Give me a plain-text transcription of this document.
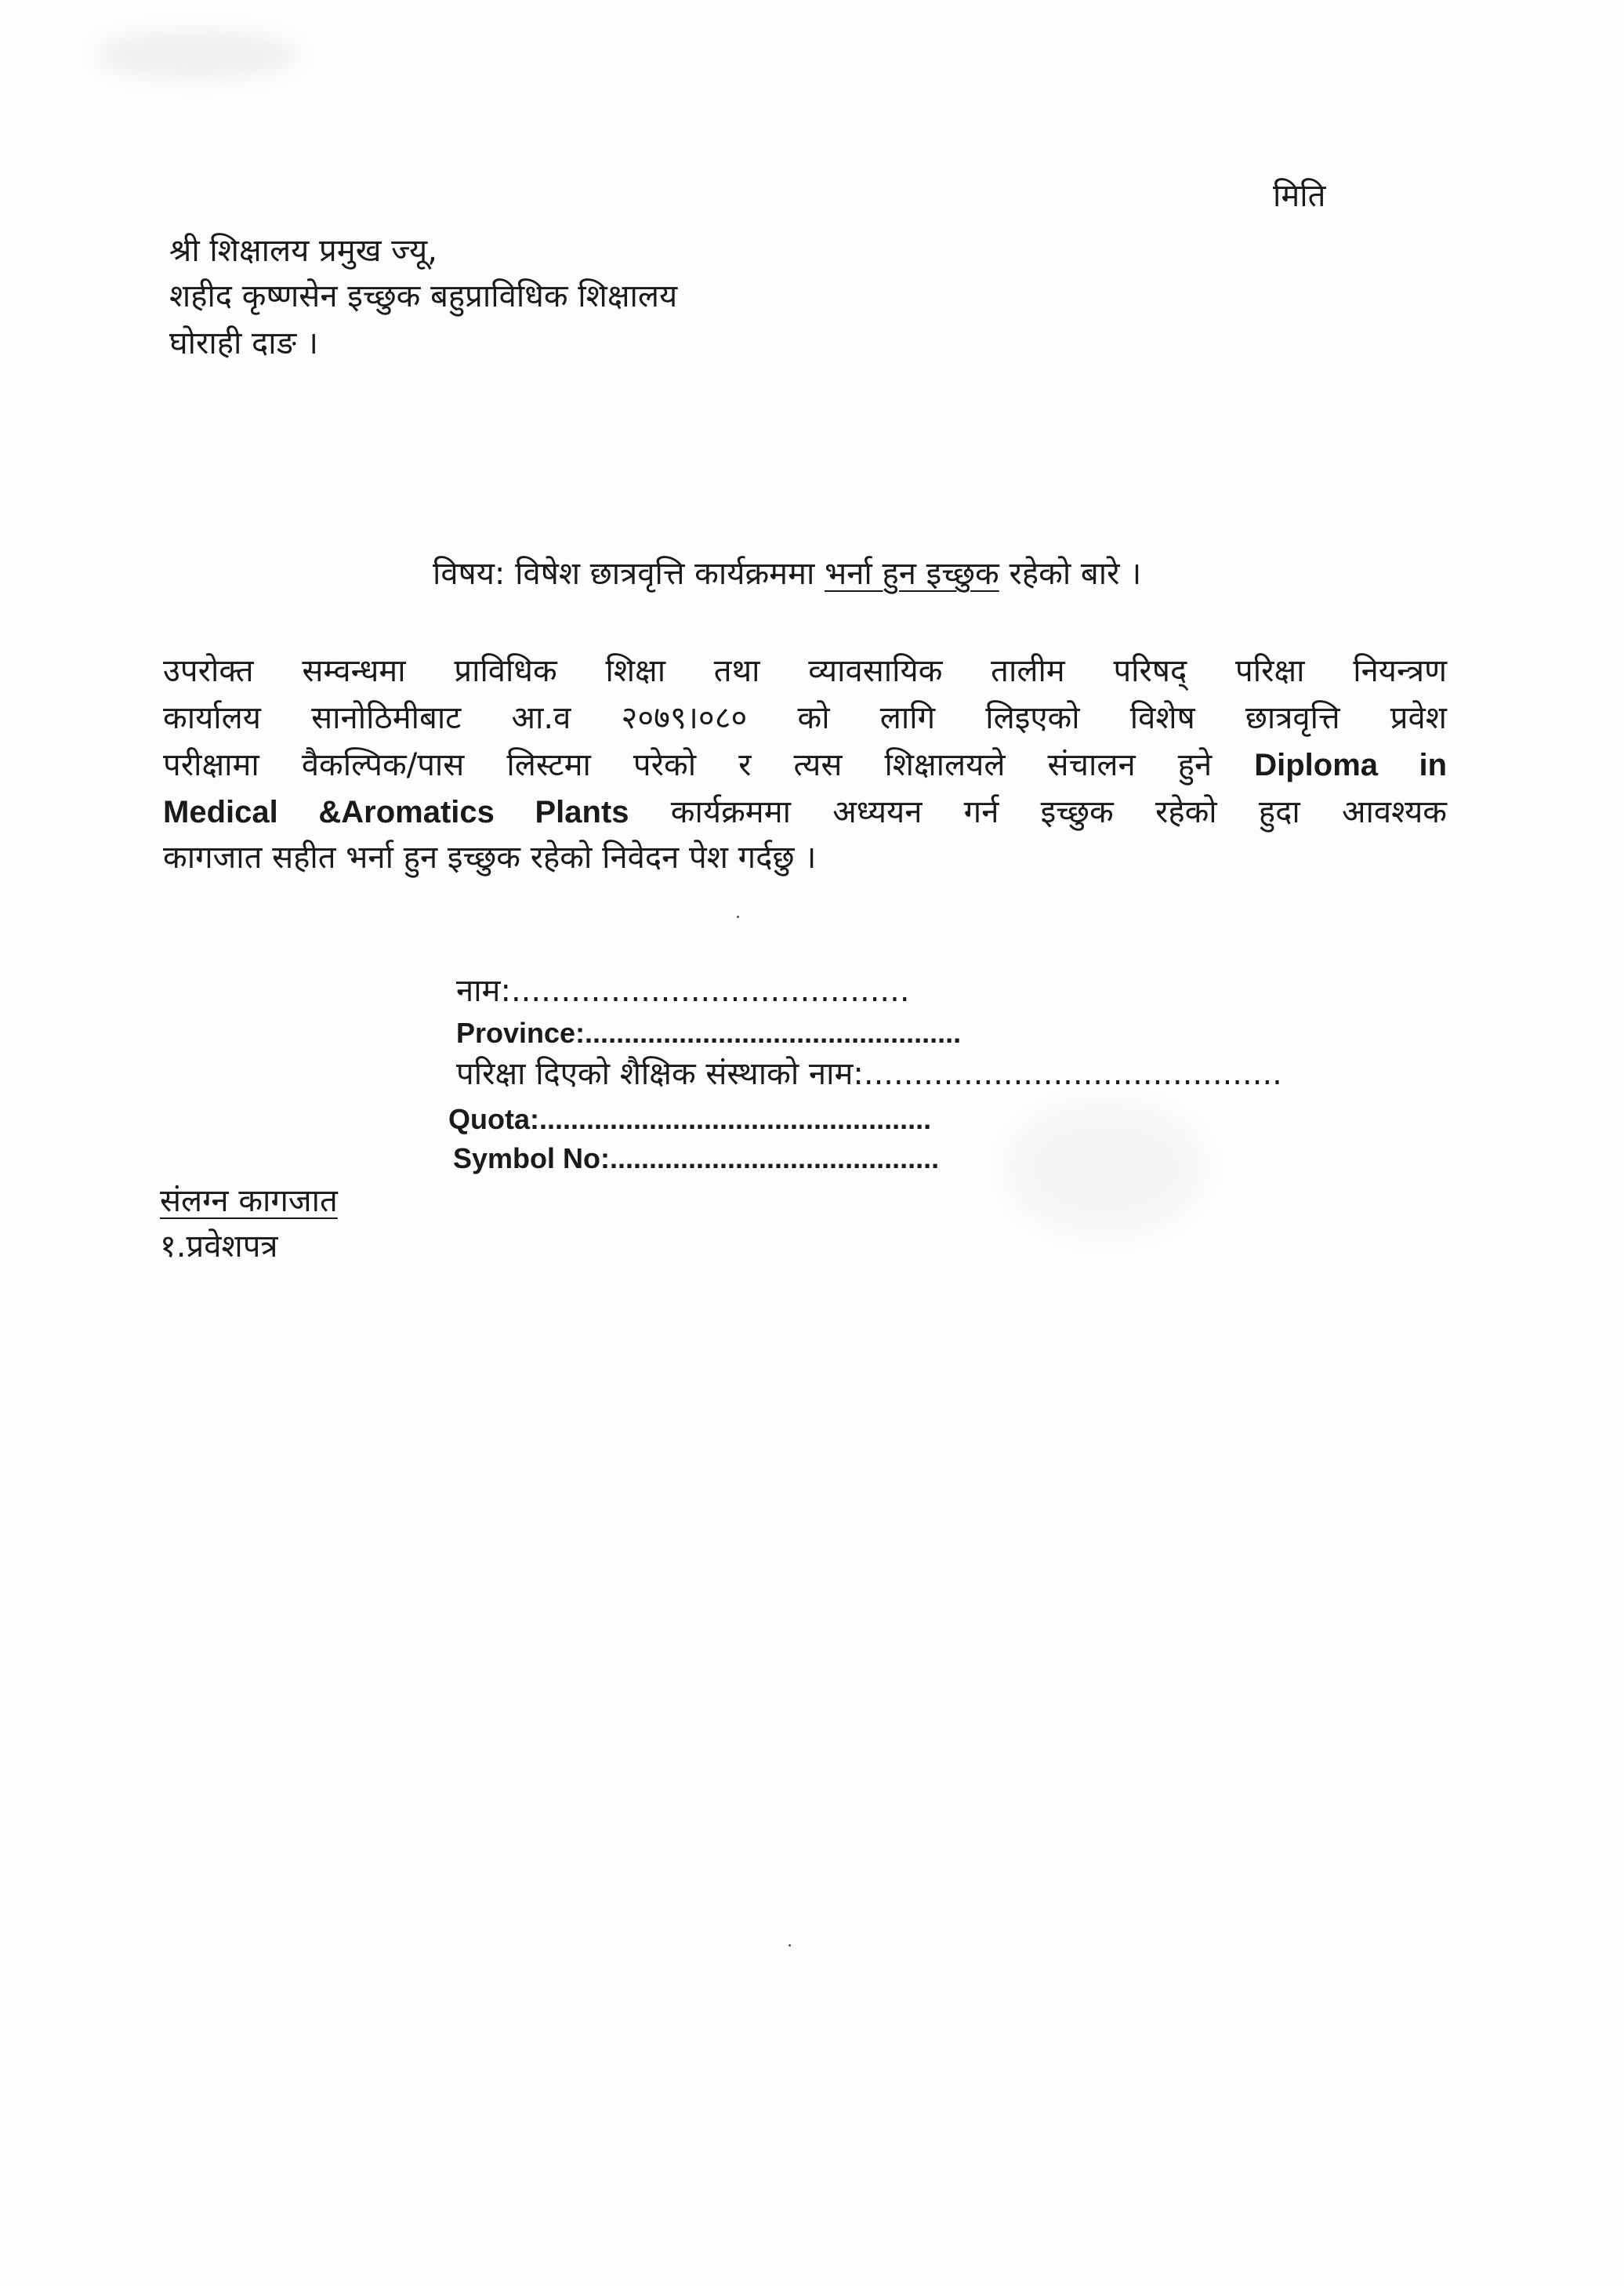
मिति
श्री शिक्षालय प्रमुख ज्यू,
शहीद कृष्णसेन इच्छुक बहुप्राविधिक शिक्षालय
घोराही दाङ ।
विषय: विषेश छात्रवृत्ति कार्यक्रममा भर्ना हुन इच्छुक रहेको बारे ।
उपरोक्त सम्वन्धमा प्राविधिक शिक्षा तथा व्यावसायिक तालीम परिषद् परिक्षा नियन्त्रण
कार्यालय सानोठिमीबाट आ.व २०७९।०८० को लागि लिइएको विशेष छात्रवृत्ति प्रवेश
परीक्षामा वैकल्पिक/पास लिस्टमा परेको र त्यस शिक्षालयले संचालन हुने Diploma in
Medical &Aromatics Plants कार्यक्रममा अध्ययन गर्न इच्छुक रहेको हुदा आवश्यक
कागजात सहीत भर्ना हुन इच्छुक रहेको निवेदन पेश गर्दछु ।
नाम:........................................
Province:................................................
परिक्षा दिएको शैक्षिक संस्थाको नाम:..........................................
Quota:..................................................
Symbol No:..........................................
संलग्न कागजात
१.प्रवेशपत्र
